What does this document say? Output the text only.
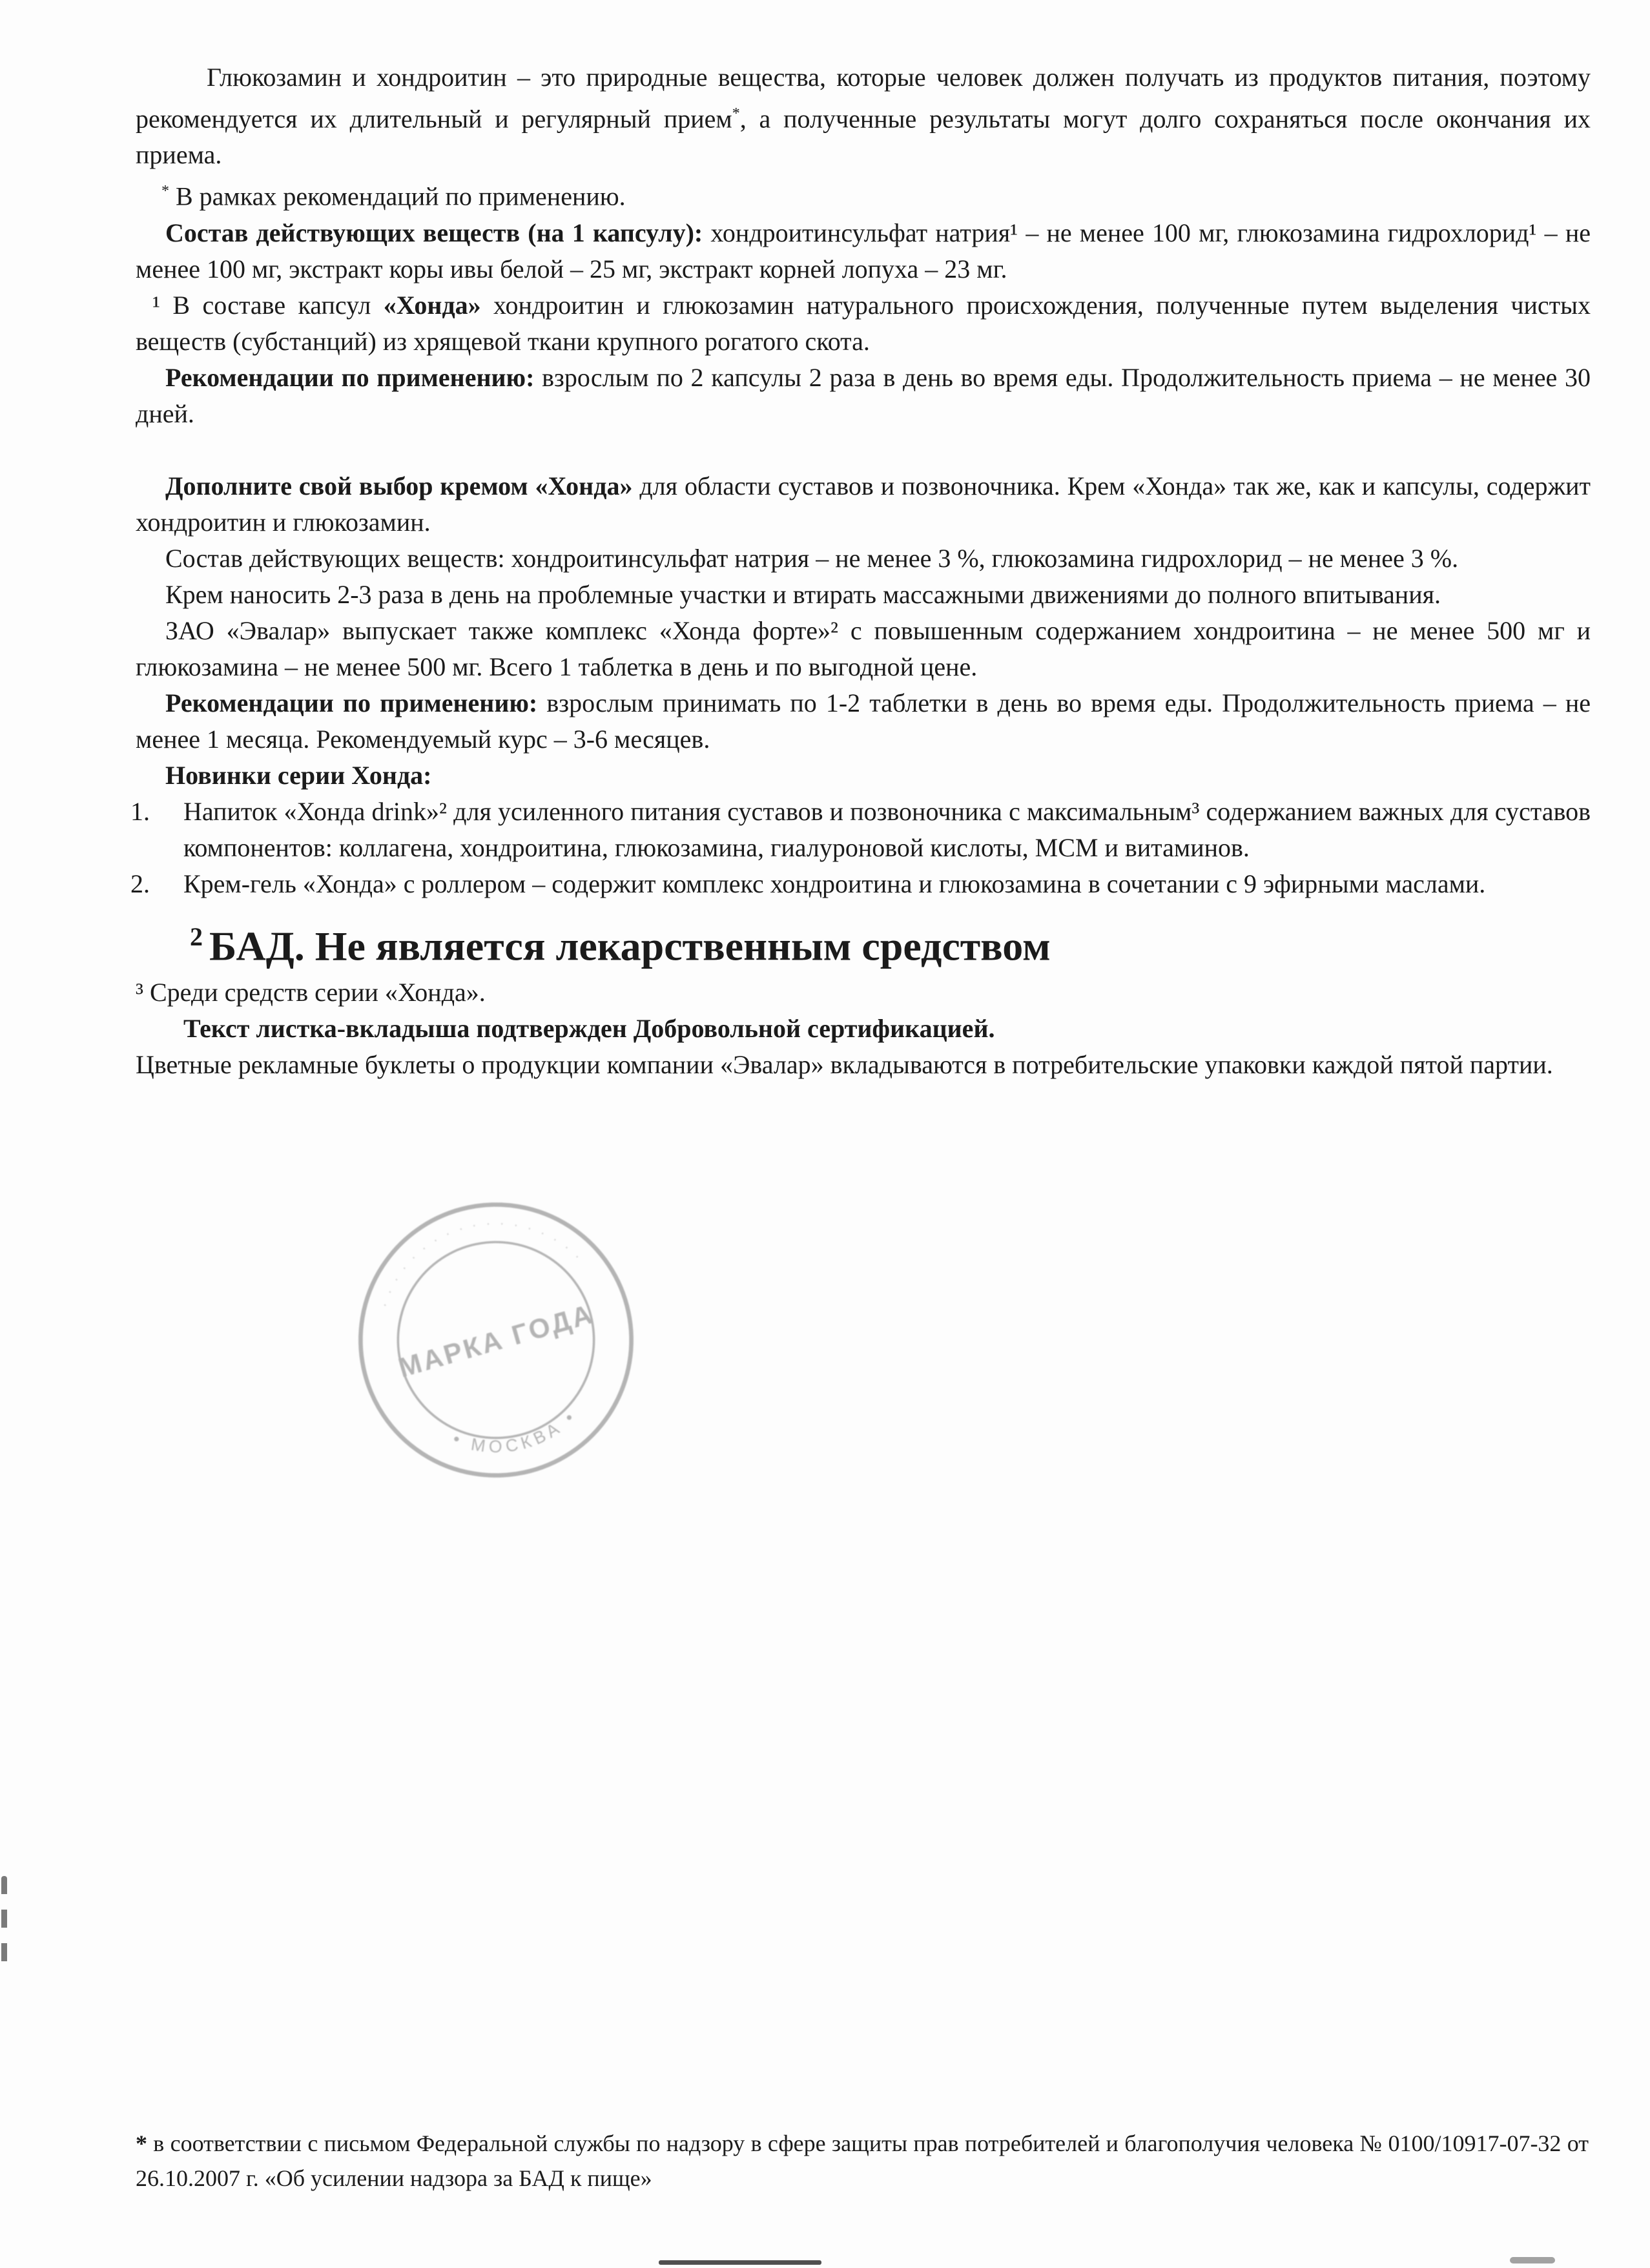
Глюкозамин и хондроитин – это природные вещества, которые человек должен получать из продуктов питания, поэтому рекомендуется их длительный и регулярный прием*, а полученные результаты могут долго сохраняться после окончания их приема.

* В рамках рекомендаций по применению.

Состав действующих веществ (на 1 капсулу): хондроитинсульфат натрия¹ – не менее 100 мг, глюкозамина гидрохлорид¹ – не менее 100 мг, экстракт коры ивы белой – 25 мг, экстракт корней лопуха – 23 мг.

¹ В составе капсул «Хонда» хондроитин и глюкозамин натурального происхождения, полученные путем выделения чистых веществ (субстанций) из хрящевой ткани крупного рогатого скота.

Рекомендации по применению: взрослым по 2 капсулы 2 раза в день во время еды. Продолжительность приема – не менее 30 дней.

Дополните свой выбор кремом «Хонда» для области суставов и позвоночника. Крем «Хонда» так же, как и капсулы, содержит хондроитин и глюкозамин.

Состав действующих веществ: хондроитинсульфат натрия – не менее 3 %, глюкозамина гидрохлорид – не менее 3 %.

Крем наносить 2-3 раза в день на проблемные участки и втирать массажными движениями до полного впитывания.

ЗАО «Эвалар» выпускает также комплекс «Хонда форте»² с повышенным содержанием хондроитина – не менее 500 мг и глюкозамина – не менее 500 мг. Всего 1 таблетка в день и по выгодной цене.

Рекомендации по применению: взрослым принимать по 1-2 таблетки в день во время еды. Продолжительность приема – не менее 1 месяца. Рекомендуемый курс – 3-6 месяцев.

Новинки серии Хонда:

1. Напиток «Хонда drink»² для усиленного питания суставов и позвоночника с максимальным³ содержанием важных для суставов компонентов: коллагена, хондроитина, глюкозамина, гиалуроновой кислоты, МСМ и витаминов.
2. Крем-гель «Хонда» с роллером – содержит комплекс хондроитина и глюкозамина в сочетании с 9 эфирными маслами.
$^2$ БАД. Не является лекарственным средством

³ Среди средств серии «Хонда».

Текст листка-вкладыша подтвержден Добровольной сертификацией.

Цветные рекламные буклеты о продукции компании «Эвалар» вкладываются в потребительские упаковки каждой пятой партии.

• МОСКВА •
··················
МАРКА ГОДА

* в соответствии с письмом Федеральной службы по надзору в сфере защиты прав потребителей и благополучия человека № 0100/10917-07-32 от 26.10.2007 г. «Об усилении надзора за БАД к пище»
